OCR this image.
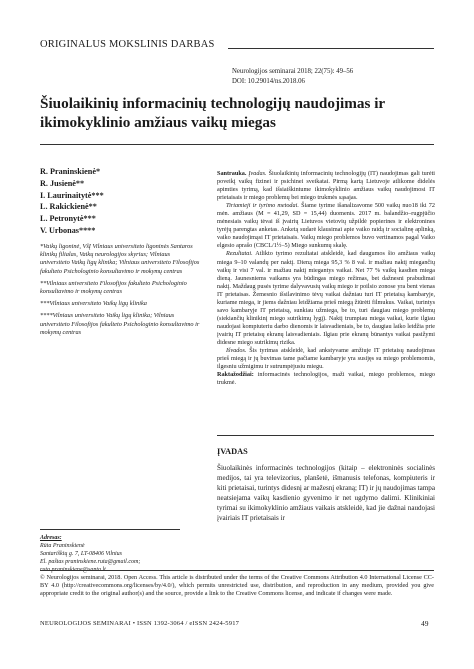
ORIGINALUS MOKSLINIS DARBAS
Neurologijos seminarai 2018; 22(75): 49–56
DOI: 10.29014/ns.2018.06
Šiuolaikinių informacinių technologijų naudojimas ir ikimokyklinio amžiaus vaikų miegas
R. Praninskienė*
R. Jusienė**
I. Laurinaitytė***
L. Rakickienė**
L. Petronytė***
V. Urbonas****

*Vaikų ligoninė, VšĮ Vilniaus universiteto ligoninės Santaros klinikų filialas, Vaikų neurologijos skyrius; Vilniaus universiteto Vaikų ligų klinika; Vilniaus universiteto Filosofijos fakulteto Psichologinio konsultavimo ir mokymų centras

**Vilniaus universiteto Filosofijos fakulteto Psichologinio konsultavimo ir mokymų centras

***Vilniaus universiteto Vaikų ligų klinika

****Vilniaus universiteto Vaikų ligų klinika; Vilniaus universiteto Filosofijos fakulteto Psichologinio konsultavimo ir mokymų centras

Adresas:
Rūta Praninskienė
Santariškių g. 7, LT-08406 Vilnius
El. paštas praninskiene.ruta@gmail.com;
ruta.praninskiene@santa.lt

Santrauka. Įvadas. Šiuolaikinių informacinių technologijų (IT) naudojimas gali turėti poveikį vaikų fizinei ir psichinei sveikatai. Pirmą kartą Lietuvoje atlikome didelės apimties tyrimą, kad išsiaiškintume ikimokyklinio amžiaus vaikų naudojimosi IT prietaisais ir miego problemų bei miego trukmės sąsajas.

Tiriamieji ir tyrimo metodai. Šiame tyrime išanalizavome 500 vaikų nuo18 iki 72 mėn. amžiaus (M = 41,29, SD = 15,44) duomenis. 2017 m. balandžio–rugpjūčio mėnesiais vaikų tėvai iš įvairių Lietuvos vietovių užpildė popierines ir elektronines tyrėjų parengtas anketas. Anketą sudarė klausimai apie vaiko raidą ir socialinę aplinką, vaiko naudojimąsi IT prietaisais. Vaikų miego problemos buvo vertinamos pagal Vaiko elgesio aprašo (CBCL/1½–5) Miego sunkumų skalę.

Rezultatai. Atlikto tyrimo rezultatai atskleidė, kad daugumos šio amžiaus vaikų miega 9–10 valandų per naktį. Dieną miega 95,3 % 8 val. ir mažiau naktį miegančių vaikų ir visi 7 val. ir mažiau naktį miegantys vaikai. Net 77 % vaikų kasdien miega dieną. Jaunesniems vaikams yra būdingas miego režimas, bet dažnesni prabudimai naktį. Maždaug pusės tyrime dalyvavusių vaikų miego ir poilsio zonose yra bent vienas IT prietaisas. Žemesnio išsilavinimo tėvų vaikai dažniau turi IT prietaisą kambaryje, kuriame miega, ir jiems dažniau leidžiama prieš miegą žiūrėti filmukus. Vaikai, turintys savo kambaryje IT prietaisą, sunkiau užmiega, be to, turi daugiau miego problemų (siekiančių klinikinį miego sutrikimų lygį). Naktį trumpiau miega vaikai, kurie ilgiau naudojasi kompiuteriu darbo dienomis ir laisvadieniais, be to, daugiau laiko leidžia prie įvairių IT prietaisų ekranų laisvadieniais. Ilgiau prie ekranų būnantys vaikai pasižymi didesne miego sutrikimų rizika.

Išvados. Šis tyrimas atskleidė, kad ankstyvame amžiuje IT prietaisų naudojimas prieš miegą ir jų buvimas tame pačiame kambaryje yra susijęs su miego problemomis, ilgesniu užmigimu ir sutrumpėjusiu miegu.

Raktažodžiai: informacinės technologijos, maži vaikai, miego problemos, miego trukmė.

ĮVADAS
Šiuolaikinės informacinės technologijos (kitaip – elektroninės socialinės medijos, tai yra televizorius, planšetė, išmanusis telefonas, kompiuteris ir kiti prietaisai, turintys didesnį ar mažesnį ekraną; IT) ir jų naudojimas tampa neatsiejama vaikų kasdienio gyvenimo ir net ugdymo dalimi. Klinikiniai tyrimai su ikimokyklinio amžiaus vaikais atskleidė, kad jie dažnai naudojasi įvairiais IT prietaisais ir
© Neurologijos seminarai, 2018. Open Access. This article is distributed under the terms of the Creative Commons Attribution 4.0 International License CC-BY 4.0 (http://creativecommons.org/licenses/by/4.0/), which permits unrestricted use, distribution, and reproduction in any medium, provided you give appropriate credit to the original author(s) and the source, provide a link to the Creative Commons license, and indicate if changes were made.
NEUROLOGIJOS SEMINARAI • ISSN 1392-3064 / eISSN 2424-5917	49
